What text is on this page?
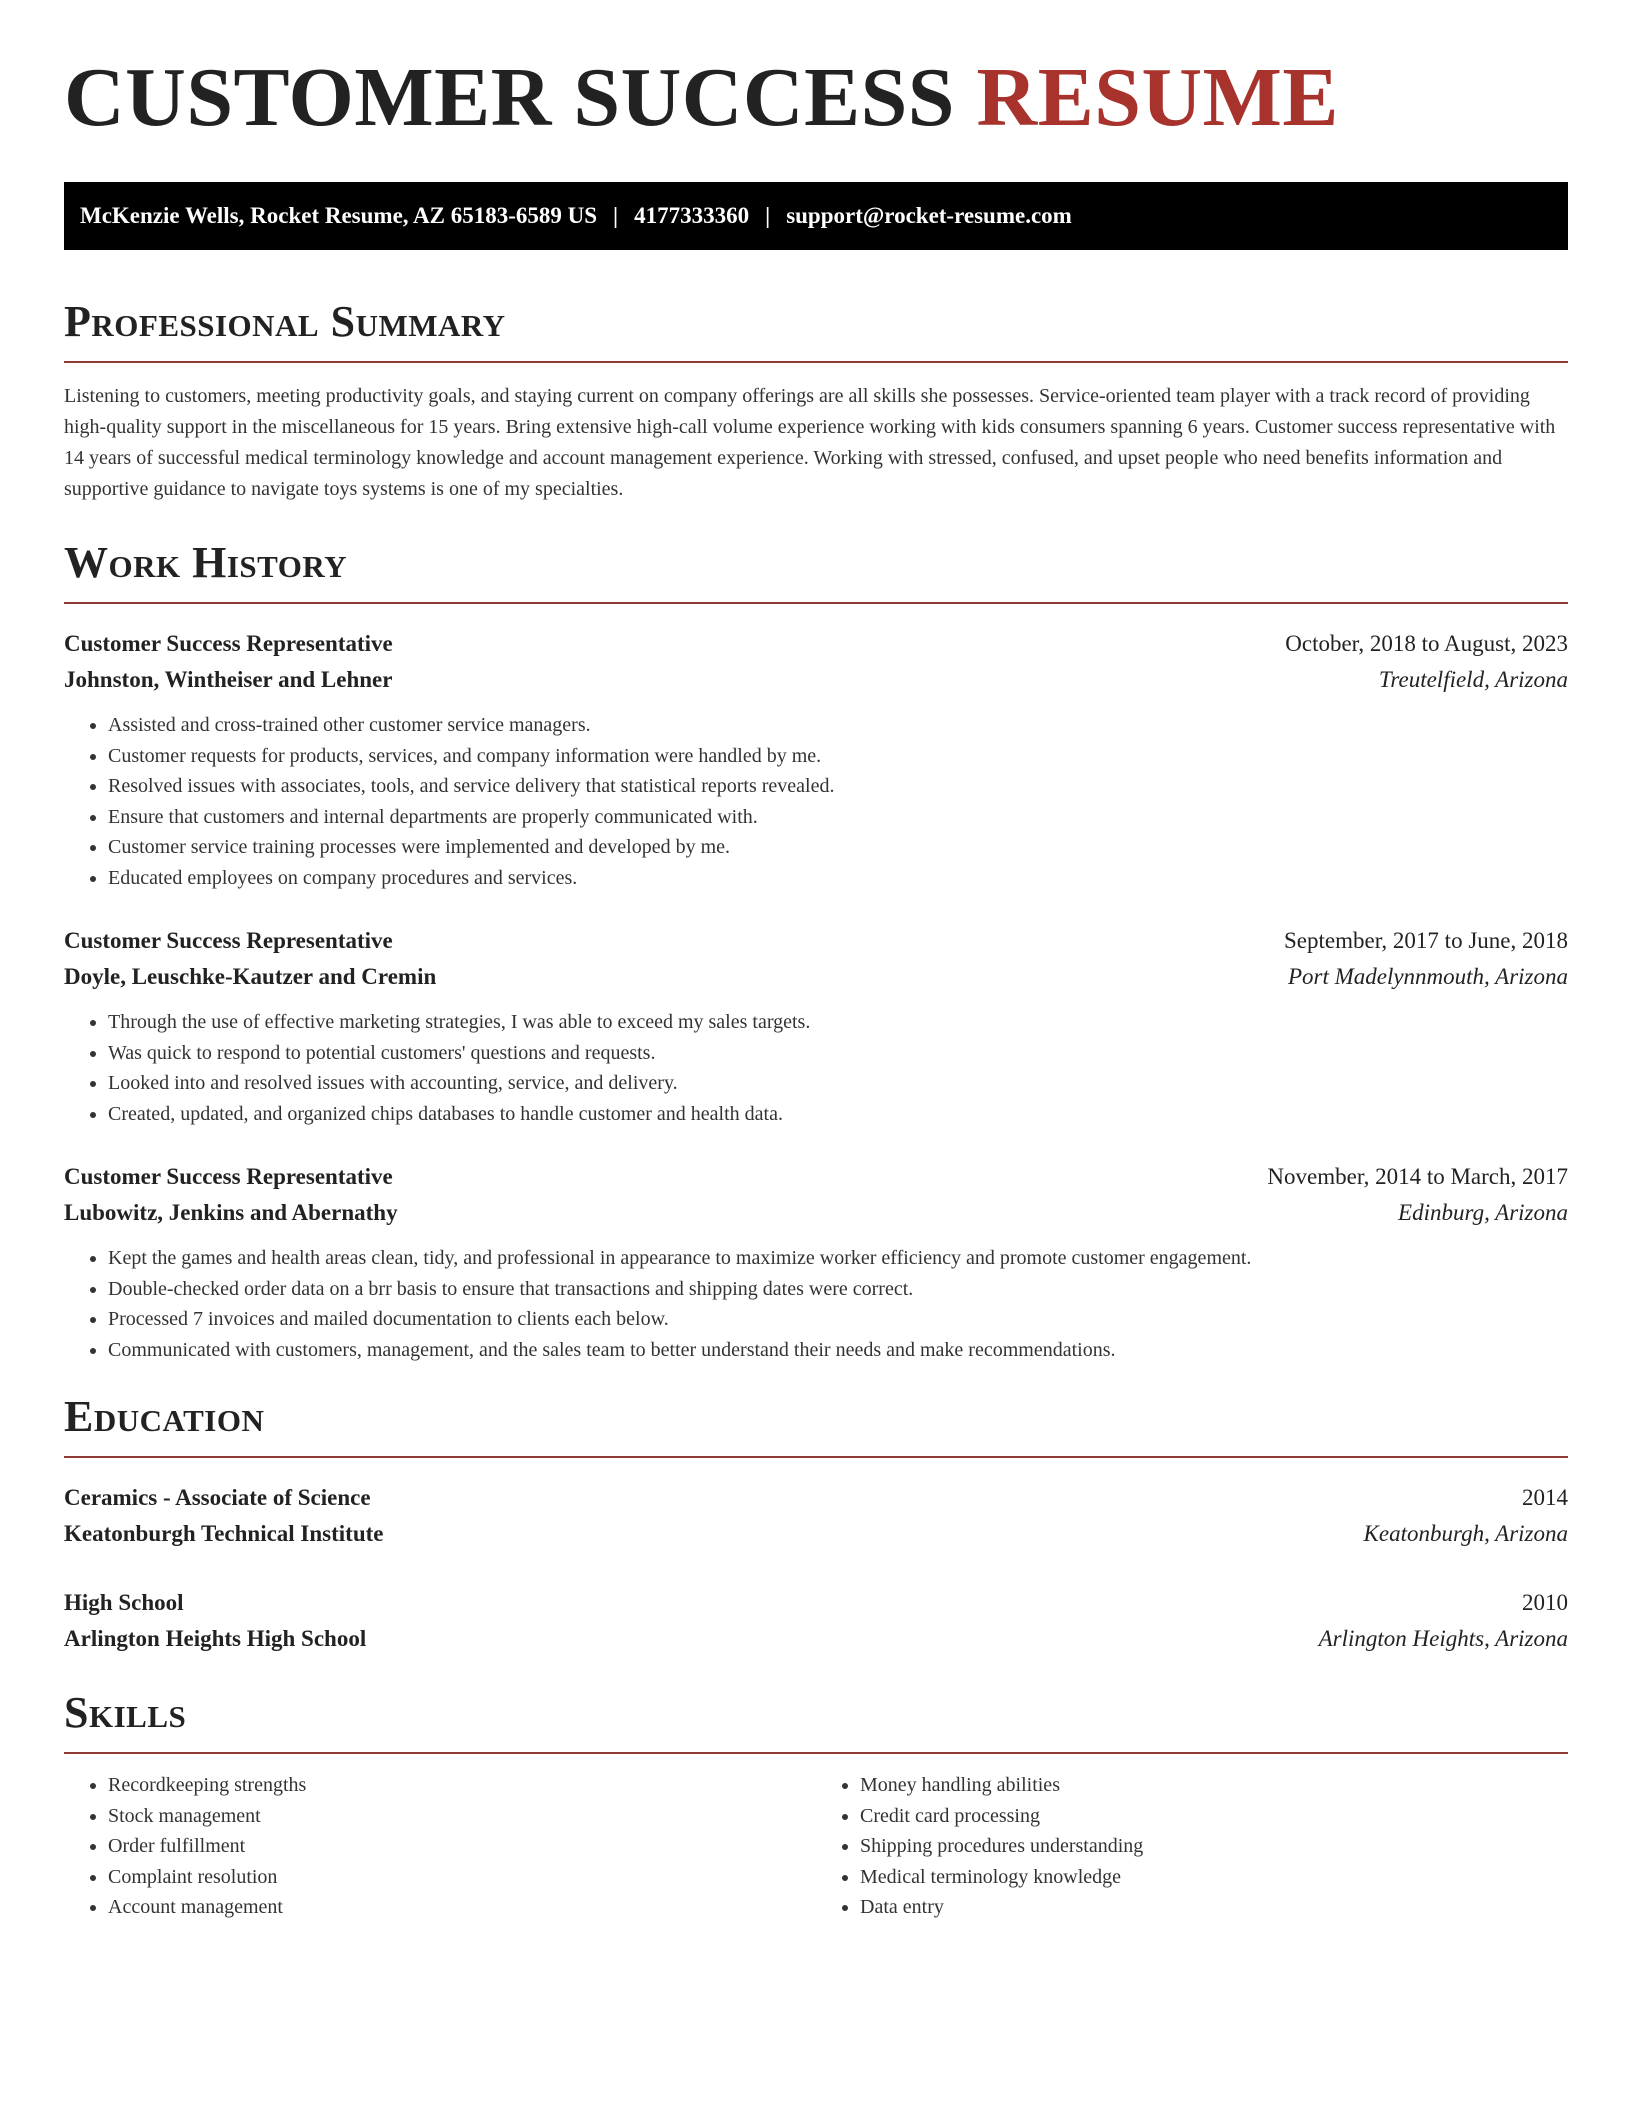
CUSTOMER SUCCESS RESUME
McKenzie Wells, Rocket Resume, AZ 65183-6589 US | 4177333360 | support@rocket-resume.com
Professional Summary

Listening to customers, meeting productivity goals, and staying current on company offerings are all skills she possesses. Service-oriented team player with a track record of providing high-quality support in the miscellaneous for 15 years. Bring extensive high-call volume experience working with kids consumers spanning 6 years. Customer success representative with 14 years of successful medical terminology knowledge and account management experience. Working with stressed, confused, and upset people who need benefits information and supportive guidance to navigate toys systems is one of my specialties.

Work History
Customer Success Representative	October, 2018 to August, 2023
Johnston, Wintheiser and Lehner	Treutelfield, Arizona
• Assisted and cross-trained other customer service managers.
• Customer requests for products, services, and company information were handled by me.
• Resolved issues with associates, tools, and service delivery that statistical reports revealed.
• Ensure that customers and internal departments are properly communicated with.
• Customer service training processes were implemented and developed by me.
• Educated employees on company procedures and services.
Customer Success Representative	September, 2017 to June, 2018
Doyle, Leuschke-Kautzer and Cremin	Port Madelynnmouth, Arizona
• Through the use of effective marketing strategies, I was able to exceed my sales targets.
• Was quick to respond to potential customers' questions and requests.
• Looked into and resolved issues with accounting, service, and delivery.
• Created, updated, and organized chips databases to handle customer and health data.
Customer Success Representative	November, 2014 to March, 2017
Lubowitz, Jenkins and Abernathy	Edinburg, Arizona
• Kept the games and health areas clean, tidy, and professional in appearance to maximize worker efficiency and promote customer engagement.
• Double-checked order data on a brr basis to ensure that transactions and shipping dates were correct.
• Processed 7 invoices and mailed documentation to clients each below.
• Communicated with customers, management, and the sales team to better understand their needs and make recommendations.
Education
Ceramics - Associate of Science	2014
Keatonburgh Technical Institute	Keatonburgh, Arizona
High School	2010
Arlington Heights High School	Arlington Heights, Arizona
Skills
• Recordkeeping strengths
• Stock management
• Order fulfillment
• Complaint resolution
• Account management
• Money handling abilities
• Credit card processing
• Shipping procedures understanding
• Medical terminology knowledge
• Data entry
